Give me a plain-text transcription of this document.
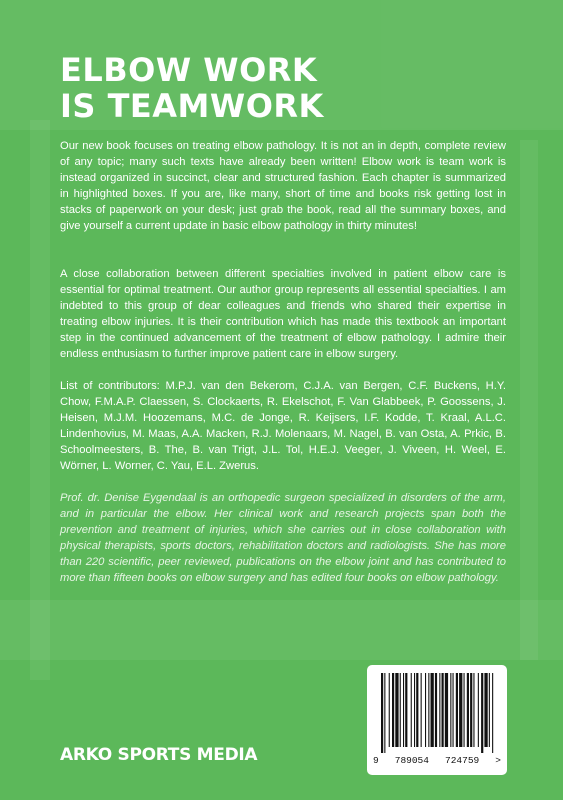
ELBOW WORK
IS TEAMWORK

Our new book focuses on treating elbow pathology. It is not an in depth, complete review of any topic; many such texts have already been written! Elbow work is team work is instead organized in succinct, clear and structured fashion. Each chapter is summarized in highlighted boxes. If you are, like many, short of time and books risk getting lost in stacks of paperwork on your desk; just grab the book, read all the summary boxes, and give yourself a current update in basic elbow pathology in thirty minutes!

A close collaboration between different specialties involved in patient elbow care is essential for optimal treatment. Our author group represents all essential specialties. I am indebted to this group of dear colleagues and friends who shared their expertise in treating elbow injuries. It is their contribution which has made this textbook an important step in the continued advancement of the treatment of elbow pathology. I admire their endless enthusiasm to further improve patient care in elbow surgery.

List of contributors: M.P.J. van den Bekerom, C.J.A. van Bergen, C.F. Buckens, H.Y. Chow, F.M.A.P. Claessen, S. Clockaerts, R. Ekelschot, F. Van Glabbeek, P. Goossens, J. Heisen, M.J.M. Hoozemans, M.C. de Jonge, R. Keijsers, I.F. Kodde, T. Kraal, A.L.C. Lindenhovius, M. Maas, A.A. Macken, R.J. Molenaars, M. Nagel, B. van Osta, A. Prkic, B. Schoolmeesters, B. The, B. van Trigt, J.L. Tol, H.E.J. Veeger, J. Viveen, H. Weel, E. Wörner, L. Worner, C. Yau, E.L. Zwerus.

Prof. dr. Denise Eygendaal is an orthopedic surgeon specialized in disorders of the arm, and in particular the elbow. Her clinical work and research projects span both the prevention and treatment of injuries, which she carries out in close collaboration with physical therapists, sports doctors, rehabilitation doctors and radiologists. She has more than 220 scientific, peer reviewed, publications on the elbow joint and has contributed to more than fifteen books on elbow surgery and has edited four books on elbow pathology.

ARKO SPORTS MEDIA	9 789054 724759 >
